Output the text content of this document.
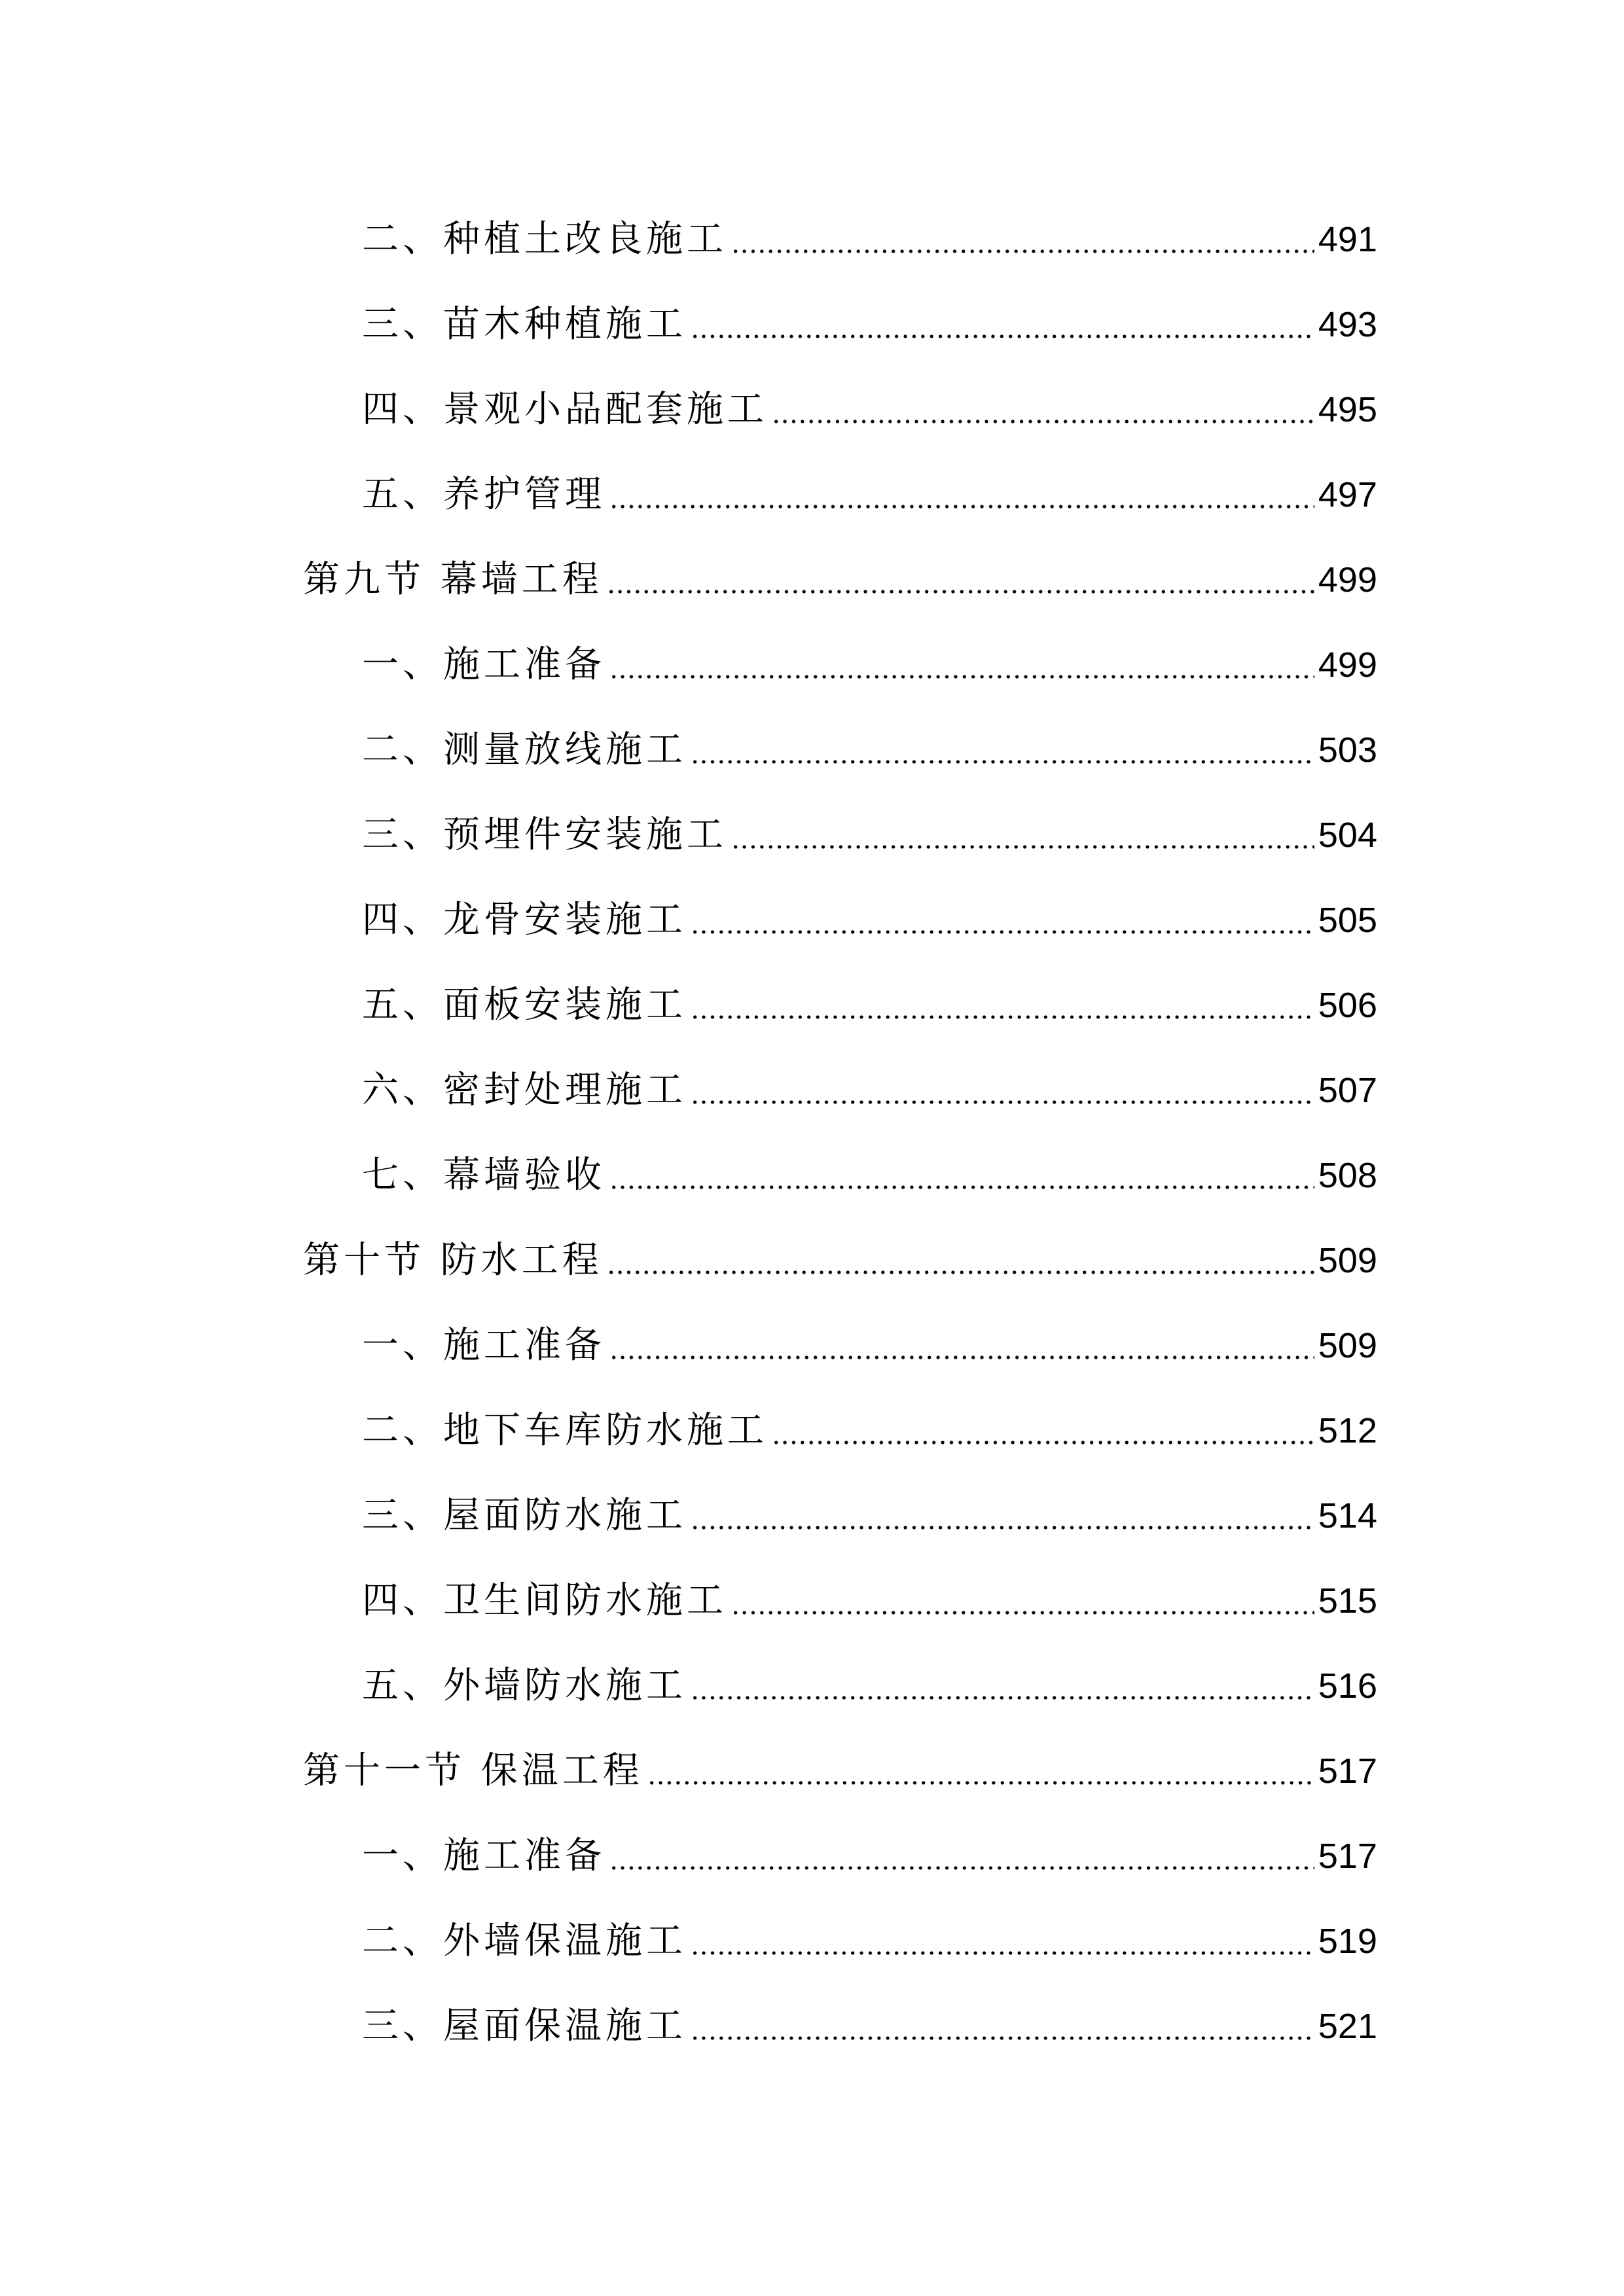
二、种植土改良施工	491
三、苗木种植施工	493
四、景观小品配套施工	495
五、养护管理	497
第九节 幕墙工程	499
一、施工准备	499
二、测量放线施工	503
三、预埋件安装施工	504
四、龙骨安装施工	505
五、面板安装施工	506
六、密封处理施工	507
七、幕墙验收	508
第十节 防水工程	509
一、施工准备	509
二、地下车库防水施工	512
三、屋面防水施工	514
四、卫生间防水施工	515
五、外墙防水施工	516
第十一节 保温工程	517
一、施工准备	517
二、外墙保温施工	519
三、屋面保温施工	521
